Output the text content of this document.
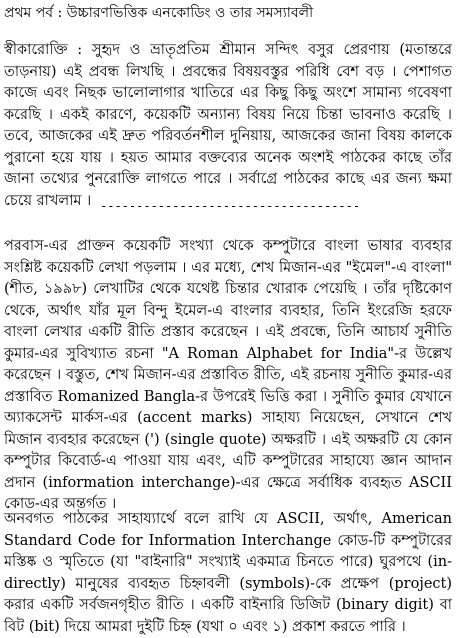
প্রথম পর্ব : উচ্চারণভিত্তিক এনকোডিং ও তার সমস্যাবলী

স্বীকারোক্তি : সুহৃদ ও ভ্রাতৃপ্রতিম শ্রীমান সন্দিৎ বসুর প্রেরণায় (মতান্তরে তাড়নায়) এই প্রবন্ধ লিখছি । প্রবন্ধের বিষয়বস্তুর পরিধি বেশ বড় । পেশাগত কাজে এবং নিছক ভালোলাগার খাতিরে এর কিছু কিছু অংশে সামান্য গবেষণা করেছি । একই কারণে, কয়েকটি অন্যান্য বিষয় নিয়ে চিন্তা ভাবনাও করেছি । তবে, আজকের এই দ্রুত পরিবর্তনশীল দুনিয়ায়, আজকের জানা বিষয় কালকে পুরানো হয়ে যায় । হয়ত আমার বক্তব্যের অনেক অংশই পাঠকের কাছে তাঁর জানা তথ্যের পুনরোক্তি লাগতে পারে । সর্বাগ্রে পাঠকের কাছে এর জন্য ক্ষমা চেয়ে রাখলাম । ------------------------------------

পরবাস-এর প্রাক্তন কয়েকটি সংখ্যা থেকে কম্পুটারে বাংলা ভাষার ব্যবহার সংশ্লিষ্ট কয়েকটি লেখা পড়লাম । এর মধ্যে, শেখ মিজান-এর "ইমেল"-এ বাংলা" (শীত, ১৯৯৮) লেখাটির থেকে যথেষ্ট চিন্তার খোরাক পেয়েছি । তাঁর দৃষ্টিকোণ থেকে, অর্থাৎ যাঁর মূল বিন্দু ইমেল-এ বাংলার ব্যবহার, তিনি ইংরেজি হরফে বাংলা লেখার একটি রীতি প্রস্তাব করেছেন । এই প্রবন্ধে, তিনি আচার্য সুনীতি কুমার-এর সুবিখ্যাত রচনা "A Roman Alphabet for India"-র উল্লেখ করেছেন । বস্তুত, শেখ মিজান-এর প্রস্তাবিত রীতি, এই রচনায় সুনীতি কুমার-এর প্রস্তাবিত Romanized Bangla-র উপরেই ভিত্তি করা । সুনীতি কুমার যেখানে অ্যাকসেন্ট মার্কস-এর (accent marks) সাহায্য নিয়েছেন, সেখানে শেখ মিজান ব্যবহার করেছেন (') (single quote) অক্ষরটি । এই অক্ষরটি যে কোন কম্পুটার কিবোর্ড-এ পাওয়া যায় এবং, এটি কম্পুটারের সাহায্যে জ্ঞান আদান প্রদান (information interchange)-এর ক্ষেত্রে সর্বাধিক ব্যবহৃত ASCII কোড-এর অন্তর্গত ।

অনবগত পাঠকের সাহায্যার্থে বলে রাখি যে ASCII, অর্থাৎ, American Standard Code for Information Interchange কোড-টি কম্পুটারের মস্তিষ্ক ও স্মৃতিতে (যা "বাইনারি" সংখ্যাই একমাত্র চিনতে পারে) ঘুরপথে (in-directly) মানুষের ব্যবহৃত চিহ্নাবলী (symbols)-কে প্রক্ষেপ (project) করার একটি সর্বজনগৃহীত রীতি । একটি বাইনারি ডিজিট (binary digit) বা বিট (bit) দিয়ে আমরা দুইটি চিহ্ন (যথা ০ এবং ১) প্রকাশ করতে পারি ।
